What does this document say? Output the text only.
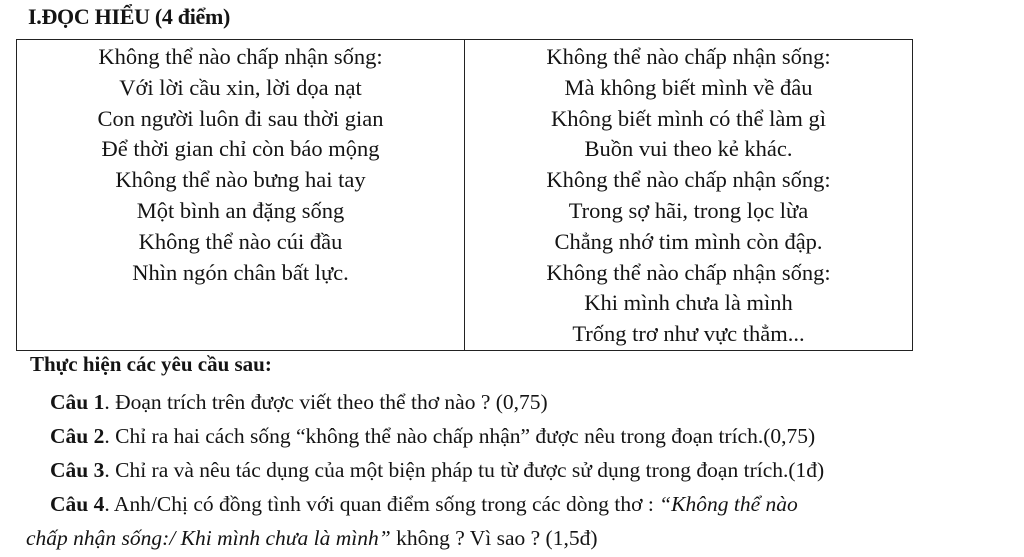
I.ĐỌC HIỂU (4 điểm)
Không thể nào chấp nhận sống:
Với lời cầu xin, lời dọa nạt
Con người luôn đi sau thời gian
Để thời gian chỉ còn báo mộng
Không thể nào bưng hai tay
Một bình an đặng sống
Không thể nào cúi đầu
Nhìn ngón chân bất lực.

Không thể nào chấp nhận sống:
Mà không biết mình về đâu
Không biết mình có thể làm gì
Buồn vui theo kẻ khác.
Không thể nào chấp nhận sống:
Trong sợ hãi, trong lọc lừa
Chẳng nhớ tim mình còn đập.
Không thể nào chấp nhận sống:
Khi mình chưa là mình
Trống trơ như vực thẳm...
Thực hiện các yêu cầu sau:
Câu 1. Đoạn trích trên được viết theo thể thơ nào ? (0,75)
Câu 2. Chỉ ra hai cách sống “không thể nào chấp nhận” được nêu trong đoạn trích.(0,75)
Câu 3. Chỉ ra và nêu tác dụng của một biện pháp tu từ được sử dụng trong đoạn trích.(1đ)
Câu 4. Anh/Chị có đồng tình với quan điểm sống trong các dòng thơ : “Không thể nào
chấp nhận sống:/ Khi mình chưa là mình” không ? Vì sao ? (1,5đ)
